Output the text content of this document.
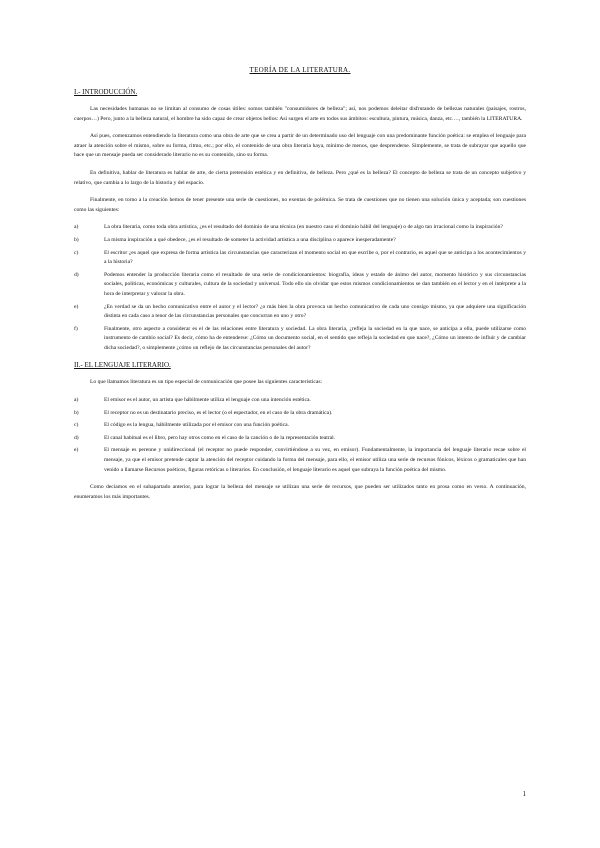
TEORÍA DE LA LITERATURA.
I.- INTRODUCCIÓN.

Las necesidades humanas no se limitan al consumo de cosas útiles: somos también "consumidores de belleza"; así, nos podemos deleitar disfrutando de bellezas naturales (paisajes, rostros, cuerpos…) Pero, junto a la belleza natural, el hombre ha sido capaz de crear objetos bellos: Así surgen el arte en todos sus ámbitos: escultura, pintura, música, danza, etc.…, también la LITERATURA.

Así pues, comenzamos entendiendo la literatura como una obra de arte que se crea a partir de un determinado uso del lenguaje con una predominante función poética: se emplea el lenguaje para atraer la atención sobre el mismo, sobre su forma, ritmo, etc.; por ello, el contenido de una obra literaria haya, mínimo de menos, que desprenderse. Simplemente, se trata de subrayar que aquello que hace que un mensaje pueda ser considerado literario no es su contenido, sino su forma.

En definitiva, hablar de literatura es hablar de arte, de cierta pretensión estética y en definitiva, de belleza. Pero ¿qué es la belleza? El concepto de belleza se trata de un concepto subjetivo y relativo, que cambia a lo largo de la historia y del espacio.

Finalmente, en torno a la creación hemos de tener presente una serie de cuestiones, no exentas de polémica. Se trata de cuestiones que no tienen una solución única y aceptada; son cuestiones como las siguientes:

a)	La obra literaria, como toda obra artística, ¿es el resultado del dominio de una técnica (en nuestro caso el dominio hábil del lenguaje) o de algo tan irracional como la inspiración?
b)	La misma inspiración a qué obedece, ¿es el resultado de someter la actividad artística a una disciplina o aparece inesperadamente?
c)	El escritor ¿es aquel que expresa de forma artística las circunstancias que caracterizan el momento social en que escribe o, por el contrario, es aquel que se anticipa a los acontecimientos y a la historia?
d)	Podemos entender la producción literaria como el resultado de una serie de condicionamientos: biografía, ideas y estado de ánimo del autor, momento histórico y sus circunstancias sociales, políticas, económicas y culturales, cultura de la sociedad y universal. Todo ello sin olvidar que estos mismos condicionamientos se dan también en el lector y en el intérprete a la hora de interpretar y valorar la obra.
e)	¿En verdad se da un hecho comunicativo entre el autor y el lector? ¿o más bien la obra provoca un hecho comunicativo de cada uno consigo mismo, ya que adquiere una significación distinta en cada caso a tenor de las circunstancias personales que concurran en uno y otro?
f)	Finalmente, otro aspecto a considerar es el de las relaciones entre literatura y sociedad. La obra literaria, ¿refleja la sociedad en la que nace, se anticipa a ella, puede utilizarse como instrumento de cambio social? Es decir, cómo ha de entenderse: ¿Cómo un documento social, en el sentido que refleja la sociedad en que nace?, ¿Cómo un intento de influir y de cambiar dicha sociedad?, o simplemente ¿cómo un reflejo de las circunstancias personales del autor?
II.- EL LENGUAJE LITERARIO.

Lo que llamamos literatura es un tipo especial de comunicación que posee las siguientes características:

a)	El emisor es el autor, un artista que hábilmente utiliza el lenguaje con una intención estética.
b)	El receptor no es un destinatario preciso, es el lector (o el espectador, en el caso de la obra dramática).
c)	El código es la lengua, hábilmente utilizada por el emisor con una función poética.
d)	El canal habitual es el libro, pero hay otros como en el caso de la canción o de la representación teatral.
e)	El mensaje es perenne y unidireccional (el receptor no puede responder, convirtiéndose a su vez, en emisor). Fundamentalmente, la importancia del lenguaje literario recae sobre el mensaje, ya que el emisor pretende captar la atención del receptor cuidando la forma del mensaje, para ello, el emisor utiliza una serie de recursos fónicos, léxicos o gramaticales que han venido a llamarse Recursos poéticos, figuras retóricas o literarios. En conclusión, el lenguaje literario es aquel que subraya la función poética del mismo.

Como decíamos en el subapartado anterior, para lograr la belleza del mensaje se utilizan una serie de recursos, que pueden ser utilizados tanto en prosa como en verso. A continuación, enumeramos los más importantes.

1
